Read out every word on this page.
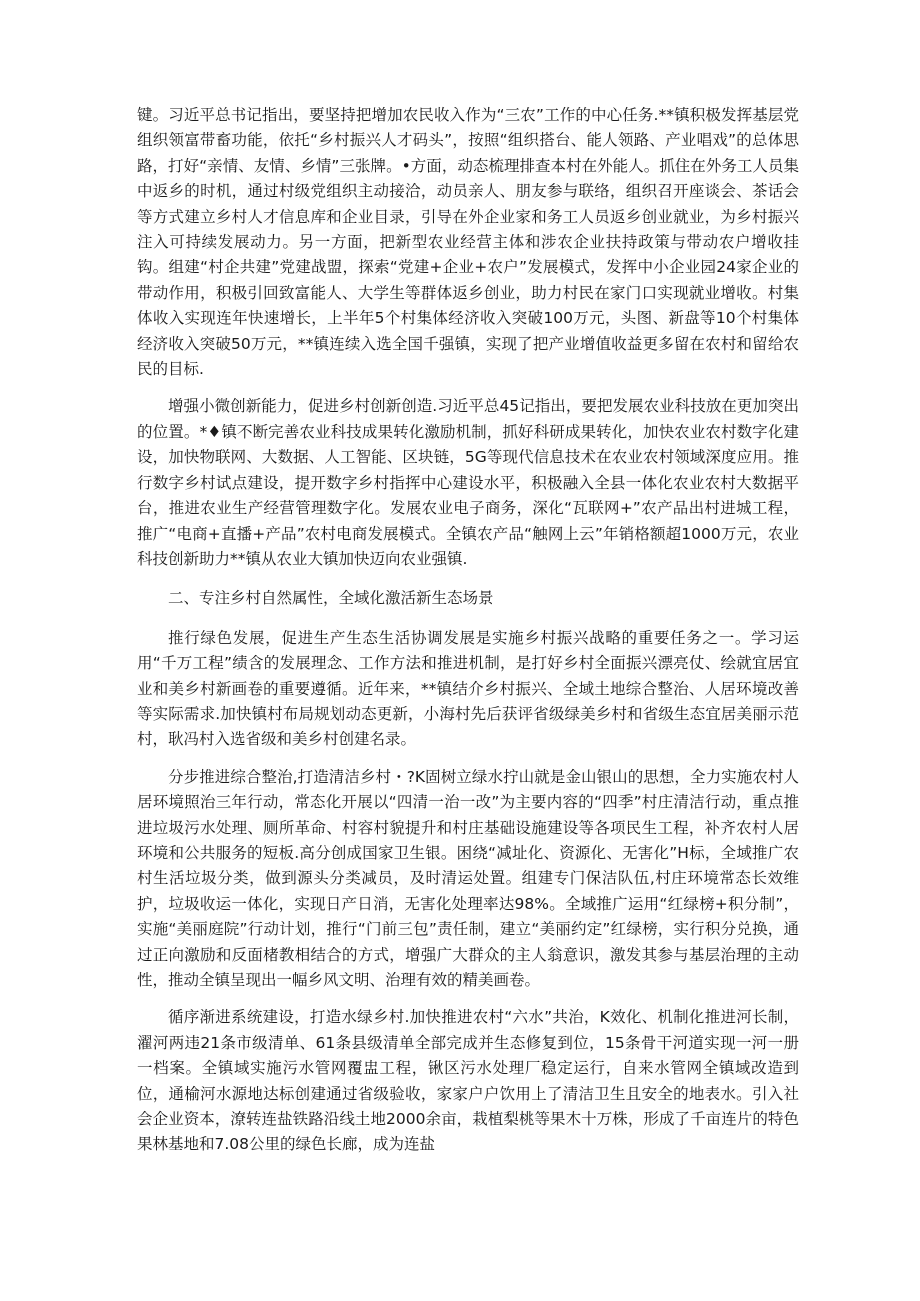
键。习近平总书记指出，要坚持把增加农民收入作为“三农”工作的中心任务.**镇积极发挥基层党组织领富带畜功能，依托“乡村振兴人才码头”，按照“组织搭台、能人领路、产业唱戏”的总体思路，打好“亲情、友情、乡情”三张牌。•方面，动态梳理排查本村在外能人。抓住在外务工人员集中返乡的时机，通过村级党组织主动接洽，动员亲人、朋友参与联络，组织召开座谈会、茶话会等方式建立乡村人才信息库和企业目录，引导在外企业家和务工人员返乡创业就业，为乡村振兴注入可持续发展动力。另一方面，把新型农业经营主体和涉农企业扶持政策与带动农户增收挂钩。组建“村企共建”党建战盟，探索“党建+企业+农户”发展模式，发挥中小企业园24家企业的带动作用，积极引回致富能人、大学生等群体返乡创业，助力村民在家门口实现就业增收。村集体收入实现连年快速增长，上半年5个村集体经济收入突破100万元，头图、新盘等10个村集体经济收入突破50万元，**镇连续入选全国千强镇，实现了把产业增值收益更多留在农村和留给农民的目标.

增强小微创新能力，促进乡村创新创造.习近平总45记指出，要把发展农业科技放在更加突出的位置。*♦镇不断完善农业科技成果转化激励机制，抓好科研成果转化，加快农业农村数字化建设，加快物联网、大数据、人工智能、区块链，5G等现代信息技术在农业农村领域深度应用。推行数字乡村试点建设，提开数字乡村指挥中心建设水平，积极融入全县一体化农业农村大数据平台，推进农业生产经营管理数字化。发展农业电子商务，深化“瓦联网+”农产品出村进城工程，推广“电商+直播+产品”农村电商发展模式。全镇农产品“触网上云”年销格额超1000万元，农业科技创新助力**镇从农业大镇加快迈向农业强镇.

二、专注乡村自然属性，全域化激活新生态场景

推行绿色发展，促进生产生态生活协调发展是实施乡村振兴战略的重要任务之一。学习运用“千万工程”绩含的发展理念、工作方法和推进机制，是打好乡村全面振兴漂亮仗、绘就宜居宜业和美乡村新画卷的重要遵循。近年来，**镇结介乡村振兴、全域土地综合整治、人居环境改善等实际需求.加快镇村布局规划动态更新，小海村先后获评省级绿美乡村和省级生态宜居美丽示范村，耿冯村入选省级和美乡村创建名录。

分步推进综合整治,打造清洁乡村・?K固树立绿水拧山就是金山银山的思想，全力实施农村人居环境照治三年行动，常态化开展以“四清一治一改”为主要内容的“四季”村庄清洁行动，重点推进垃圾污水处理、厕所革命、村容村貌提升和村庄基础设施建设等各项民生工程，补齐农村人居环境和公共服务的短板.高分创成国家卫生银。困绕“减址化、资源化、无害化”H标，全域推广农村生活垃圾分类，做到源头分类减员，及时清运处置。组建专门保洁队伍,村庄环境常态长效维护，垃圾收运一体化，实现日产日消，无害化处理率达98%。全域推广运用“红绿榜+积分制”，实施“美丽庭院”行动计划，推行“门前三包”责任制，建立“美丽约定”红绿榜，实行积分兑换，通过正向激励和反面楮教相结合的方式，增强广大群众的主人翁意识，激发其参与基层治理的主动性，推动全镇呈现出一幅乡风文明、治理有效的精美画卷。

循序渐进系统建设，打造水绿乡村.加快推进农村“六水”共治，K效化、机制化推进河长制，濯河两违21条市级清单、61条县级清单全部完成并生态修复到位，15条骨干河道实现一河一册一档案。全镇域实施污水管网覆盅工程，锹区污水处理厂稳定运行，自来水管网全镇域改造到位，通榆河水源地达标创建通过省级验收，家家户户饮用上了清洁卫生且安全的地表水。引入社会企业资本，潦转连盐铁路沿线土地2000余亩，栽植梨桃等果木十万株，形成了千亩连片的特色果林基地和7.08公里的绿色长廊，成为连盐
